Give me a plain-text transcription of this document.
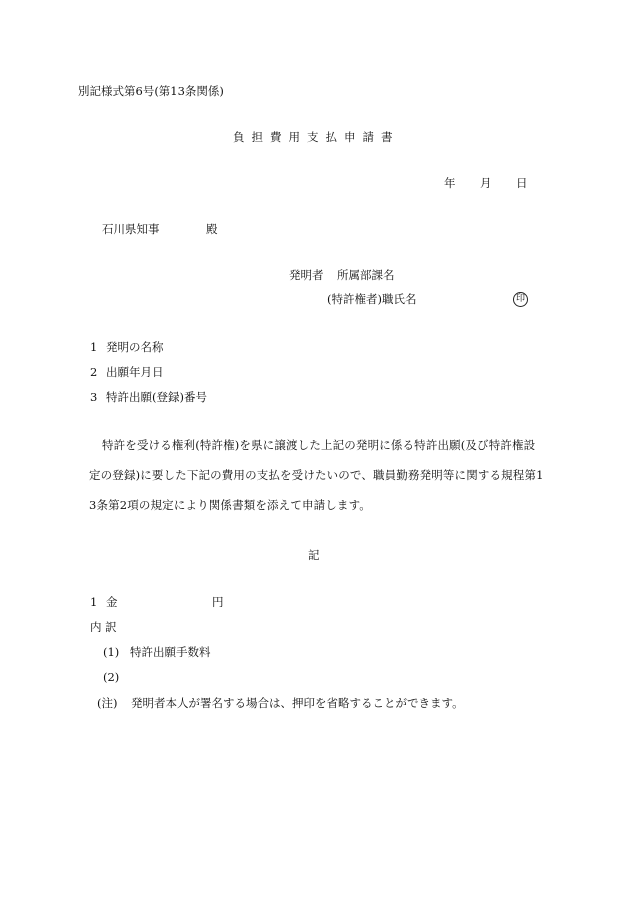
別記様式第6号(第13条関係)
負担費用支払申請書
年 月 日
石川県知事	殿
発明者 所属部課名
(特許権者)職氏名	印
1 発明の名称
2 出願年月日
3 特許出願(登録)番号
特許を受ける権利(特許権)を県に譲渡した上記の発明に係る特許出願(及び特許権設
定の登録)に要した下記の費用の支払を受けたいので、職員勤務発明等に関する規程第1
3条第2項の規定により関係書類を添えて申請します。
記
1 金	円
内 訳
(1) 特許出願手数料
(2)
(注) 発明者本人が署名する場合は、押印を省略することができます。
